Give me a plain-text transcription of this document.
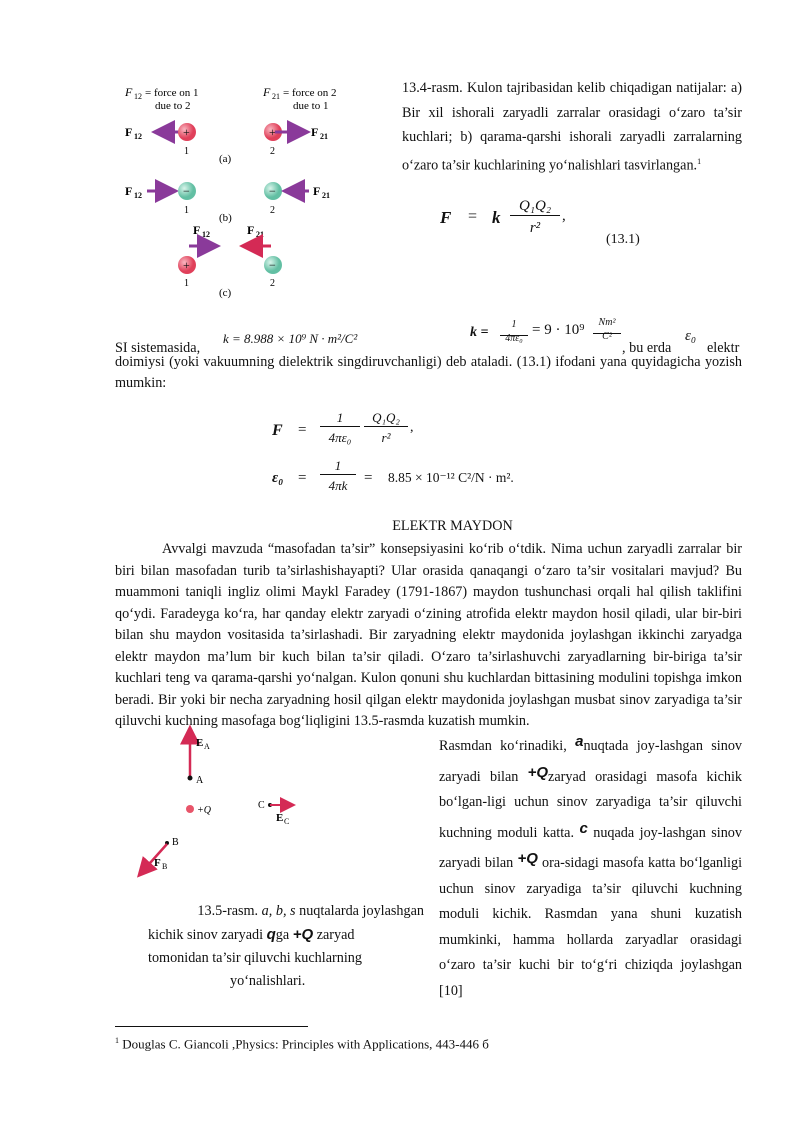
F 12 = force on 1
due to 2
F 21 = force on 2
due to 1
F 12	+
1
+	F 21
2
(a)
F 12	−
1
−	F 21
2
(b)
F 12
+
1
F 21
−
2
(c)
13.4-rasm. Kulon tajribasidan kelib chiqadigan natijalar: a) Bir xil ishorali zaryadli zarralar orasidagi o‘zaro ta’sir kuchlari; b) qarama-qarshi ishorali zaryadli zarralarning o‘zaro ta’sir kuchlarining yo‘nalishlari tasvirlangan.$^1$
F = k
Q₁Q₂
r²
,
(13.1)
SI sistemasida,
k = 8.988 × 10⁹ N · m²/C²	k =
1
4πε₀
= 9 · 10⁹	Nm²
C²
, bu erda
ε₀
elektr
doimiysi (yoki vakuumning dielektrik singdiruvchanligi) deb ataladi. (13.1) ifodani yana quyidagicha yozish mumkin:
F =
1
4πε₀
Q₁Q₂
r²
,
ε₀ =
1
4πk	= 8.85 × 10⁻¹² C²/N · m².
ELEKTR MAYDON
Avvalgi mavzuda “masofadan ta’sir” konsepsiyasini ko‘rib o‘tdik. Nima uchun zaryadli zarralar bir biri bilan masofadan turib ta’sirlashishayapti? Ular orasida qanaqangi o‘zaro ta’sir vositalari mavjud? Bu muammoni taniqli ingliz olimi Maykl Faradey (1791-1867) maydon tushunchasi orqali hal qilish taklifini qo‘ydi. Faradeyga ko‘ra, har qanday elektr zaryadi o‘zining atrofida elektr maydon hosil qiladi, ular bir-biri bilan shu maydon vositasida ta’sirlashadi. Bir zaryadning elektr maydonida joylashgan ikkinchi zaryadga elektr maydon ma’lum bir kuch bilan ta’sir qiladi. O‘zaro ta’sirlashuvchi zaryadlarning bir-biriga ta’sir kuchlari teng va qarama-qarshi yo‘nalgan. Kulon qonuni shu kuchlardan bittasining modulini topishga imkon beradi. Bir yoki bir necha zaryadning hosil qilgan elektr maydonida joylashgan musbat sinov zaryadiga ta’sir qiluvchi kuchning masofaga bog‘liqligini 13.5-rasmda kuzatish mumkin.
E A
A
+Q	C
E C
B
F B
13.5-rasm. a, b, s nuqtalarda joylashgan
kichik sinov zaryadi qga +Q zaryad
tomonidan ta’sir qiluvchi kuchlarning
yo‘nalishlari.
Rasmdan ko‘rinadiki, anuqtada joy-lashgan sinov zaryadi bilan +Qzaryad orasidagi masofa kichik bo‘lgan-ligi uchun sinov zaryadiga ta’sir qiluvchi kuchning moduli katta. c nuqada joy-lashgan sinov zaryadi bilan +Q ora-sidagi masofa katta bo‘lganligi uchun sinov zaryadiga ta’sir qiluvchi kuchning moduli kichik. Rasmdan yana shuni kuzatish mumkinki, hamma hollarda zaryadlar orasidagi o‘zaro ta’sir kuchi bir to‘g‘ri chiziqda joylashgan [10]
$^1$ Douglas C. Giancoli ,Physics: Principles with Applications, 443-446 б
